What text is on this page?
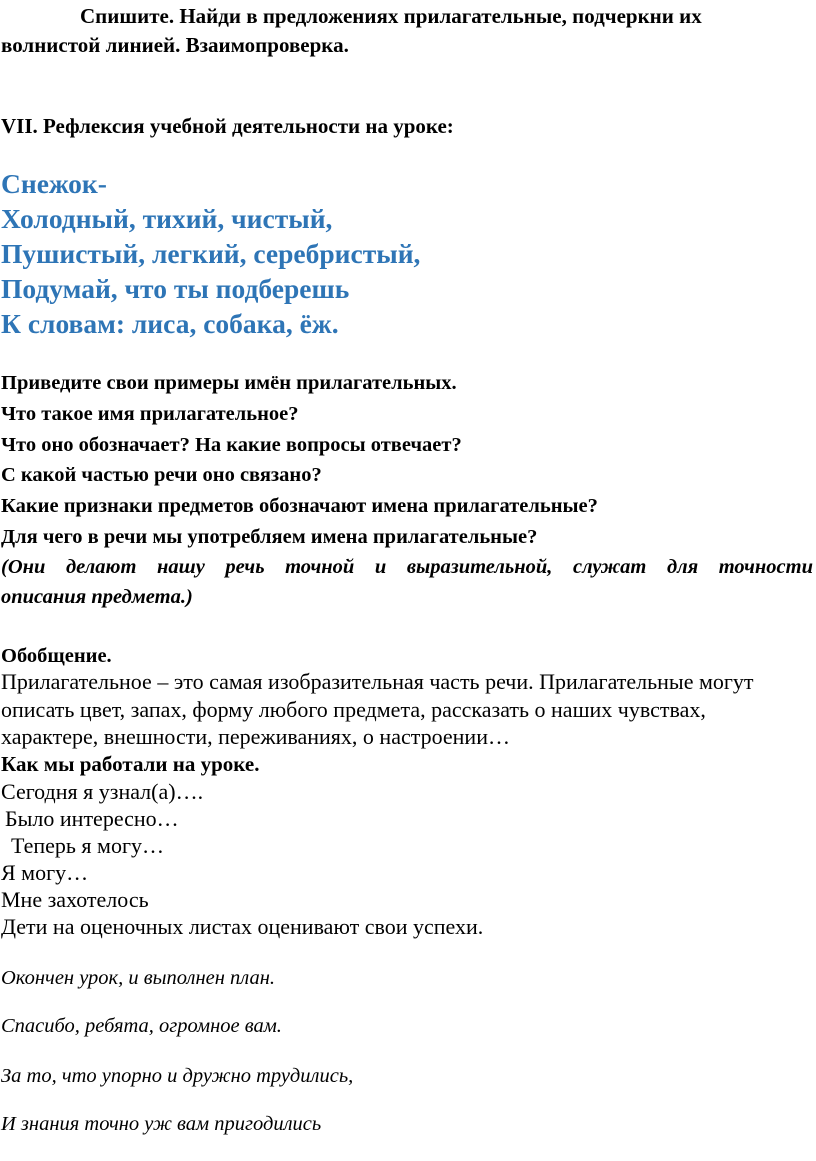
Спишите. Найди в предложениях прилагательные, подчеркни их
волнистой линией. Взаимопроверка.
VII. Рефлексия учебной деятельности на уроке:
Снежок-
Холодный, тихий, чистый,
Пушистый, легкий, серебристый,
Подумай, что ты подберешь
К словам: лиса, собака, ёж.
Приведите свои примеры имён прилагательных.
Что такое имя прилагательное?
Что оно обозначает? На какие вопросы отвечает?
С какой частью речи оно связано?
Какие признаки предметов обозначают имена прилагательные?
Для чего в речи мы употребляем имена прилагательные?
(Они делают нашу речь точной и выразительной, служат для точности
описания предмета.)
Обобщение.
Прилагательное – это самая изобразительная часть речи. Прилагательные могут
описать цвет, запах, форму любого предмета, рассказать о наших чувствах,
характере, внешности, переживаниях, о настроении…
Как мы работали на уроке.
Сегодня я узнал(а)….
Было интересно…
Теперь я могу…
Я могу…
Мне захотелось
Дети на оценочных листах оценивают свои успехи.
Окончен урок, и выполнен план.
Спасибо, ребята, огромное вам.
За то, что упорно и дружно трудились,
И знания точно уж вам пригодились
